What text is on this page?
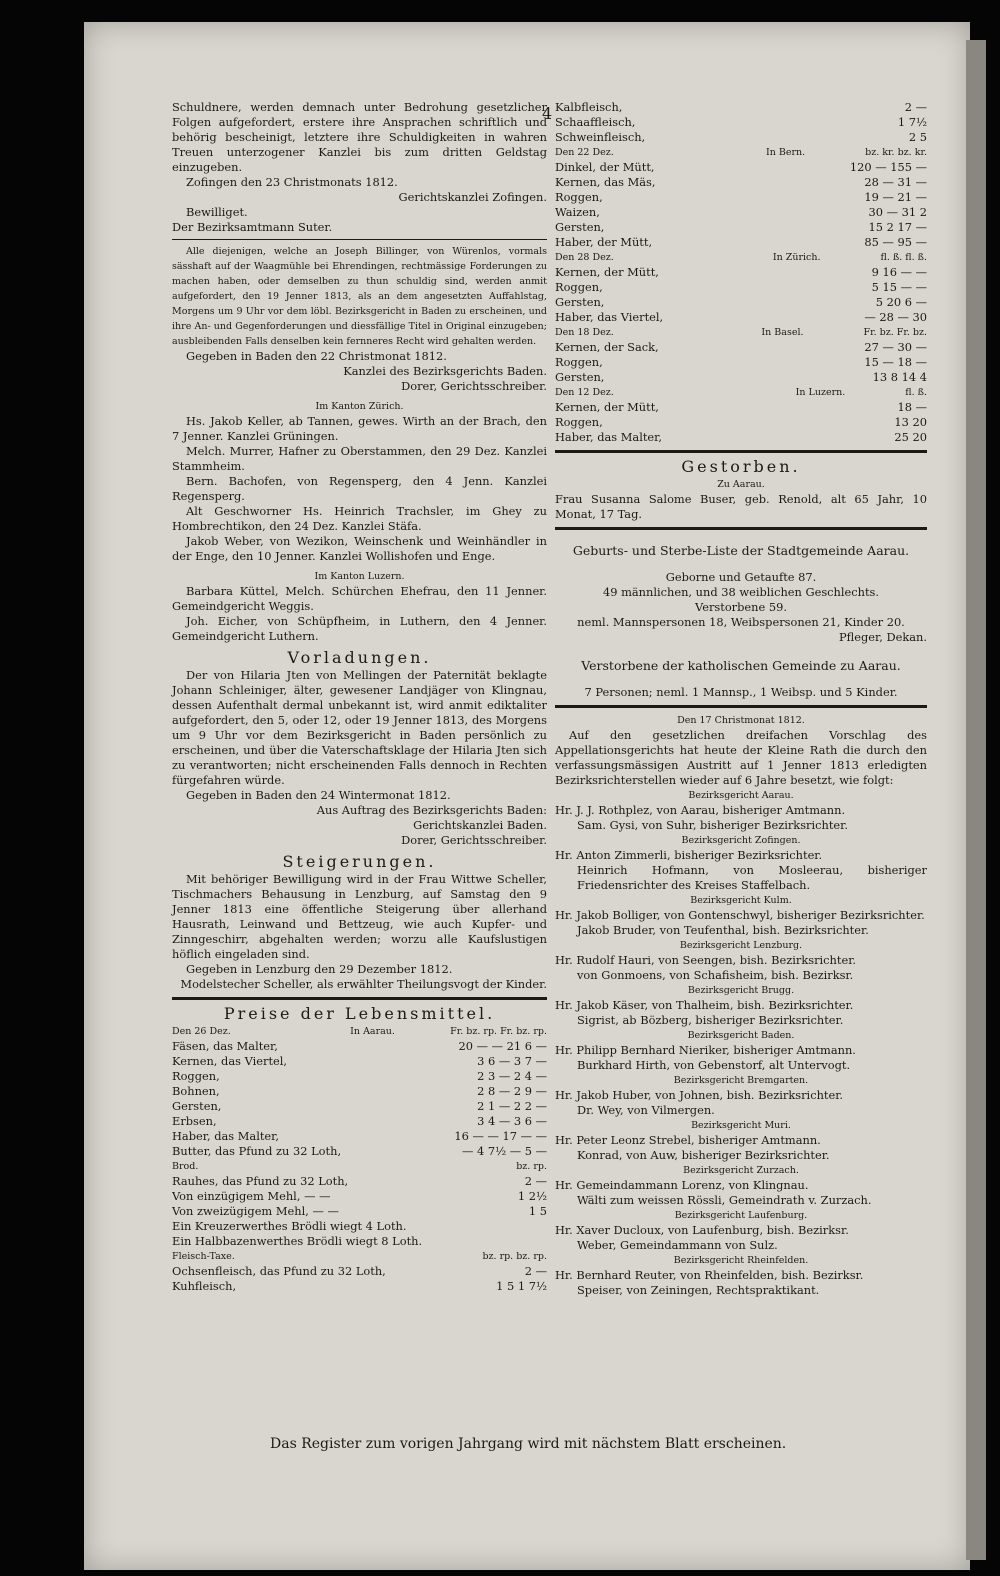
4

Schuldnere, werden demnach unter Bedrohung gesetzlicher Folgen aufgefordert, erstere ihre Ansprachen schriftlich und behörig bescheinigt, letztere ihre Schuldigkeiten in wahren Treuen unterzogener Kanzlei bis zum dritten Geldstag einzugeben.

Zofingen den 23 Christmonats 1812.

Gerichtskanzlei Zofingen.

Bewilliget.

Der Bezirksamtmann Suter.

Alle diejenigen, welche an Joseph Billinger, von Würenlos, vormals sässhaft auf der Waagmühle bei Ehrendingen, rechtmässige Forderungen zu machen haben, oder demselben zu thun schuldig sind, werden anmit aufgefordert, den 19 Jenner 1813, als an dem angesetzten Auffahlstag, Morgens um 9 Uhr vor dem löbl. Bezirksgericht in Baden zu erscheinen, und ihre An- und Gegenforderungen und diessfällige Titel in Original einzugeben; ausbleibenden Falls denselben kein fernneres Recht wird gehalten werden.

Gegeben in Baden den 22 Christmonat 1812.

Kanzlei des Bezirksgerichts Baden.

Dorer, Gerichtsschreiber.

Im Kanton Zürich.

Hs. Jakob Keller, ab Tannen, gewes. Wirth an der Brach, den 7 Jenner. Kanzlei Grüningen.

Melch. Murrer, Hafner zu Oberstammen, den 29 Dez. Kanzlei Stammheim.

Bern. Bachofen, von Regensperg, den 4 Jenn. Kanzlei Regensperg.

Alt Geschworner Hs. Heinrich Trachsler, im Ghey zu Hombrechtikon, den 24 Dez. Kanzlei Stäfa.

Jakob Weber, von Wezikon, Weinschenk und Weinhändler in der Enge, den 10 Jenner. Kanzlei Wollishofen und Enge.

Im Kanton Luzern.

Barbara Küttel, Melch. Schürchen Ehefrau, den 11 Jenner. Gemeindgericht Weggis.

Joh. Eicher, von Schüpfheim, in Luthern, den 4 Jenner. Gemeindgericht Luthern.

Vorladungen.

Der von Hilaria Jten von Mellingen der Paternität beklagte Johann Schleiniger, älter, gewesener Landjäger von Klingnau, dessen Aufenthalt dermal unbekannt ist, wird anmit ediktaliter aufgefordert, den 5, oder 12, oder 19 Jenner 1813, des Morgens um 9 Uhr vor dem Bezirksgericht in Baden persönlich zu erscheinen, und über die Vaterschaftsklage der Hilaria Jten sich zu verantworten; nicht erscheinenden Falls dennoch in Rechten fürgefahren würde.

Gegeben in Baden den 24 Wintermonat 1812.

Aus Auftrag des Bezirksgerichts Baden:

Gerichtskanzlei Baden.

Dorer, Gerichtsschreiber.

Steigerungen.

Mit behöriger Bewilligung wird in der Frau Wittwe Scheller, Tischmachers Behausung in Lenzburg, auf Samstag den 9 Jenner 1813 eine öffentliche Steigerung über allerhand Hausrath, Leinwand und Bettzeug, wie auch Kupfer- und Zinngeschirr, abgehalten werden; worzu alle Kaufslustigen höflich eingeladen sind.

Gegeben in Lenzburg den 29 Dezember 1812.

Modelstecher Scheller, als erwählter Theilungsvogt der Kinder.

Preise der Lebensmittel.

Den 26 Dez.	In Aarau.	Fr. bz. rp. Fr. bz. rp.
Fäsen, das Malter,	20 — — 21 6 —
Kernen, das Viertel,	3 6 — 3 7 —
Roggen,	2 3 — 2 4 —
Bohnen,	2 8 — 2 9 —
Gersten,	2 1 — 2 2 —
Erbsen,	3 4 — 3 6 —
Haber, das Malter,	16 — — 17 — —
Butter, das Pfund zu 32 Loth,	— 4 7½ — 5 —
Brod.	bz. rp.
Rauhes, das Pfund zu 32 Loth,	2 —
Von einzügigem Mehl, — —	1 2½
Von zweizügigem Mehl, — —	1 5
Ein Kreuzerwerthes Brödli wiegt 4 Loth.
Ein Halbbazenwerthes Brödli wiegt 8 Loth.
Fleisch-Taxe.	bz. rp. bz. rp.
Ochsenfleisch, das Pfund zu 32 Loth,	2 —
Kuhfleisch,	1 5 1 7½
Kalbfleisch,	2 —
Schaaffleisch,	1 7½
Schweinfleisch,	2 5
Den 22 Dez.	In Bern.	bz. kr. bz. kr.
Dinkel, der Mütt,	120 — 155 —
Kernen, das Mäs,	28 — 31 —
Roggen,	19 — 21 —
Waizen,	30 — 31 2
Gersten,	15 2 17 —
Haber, der Mütt,	85 — 95 —
Den 28 Dez.	In Zürich.	fl. ß. fl. ß.
Kernen, der Mütt,	9 16 — —
Roggen,	5 15 — —
Gersten,	5 20 6 —
Haber, das Viertel,	— 28 — 30
Den 18 Dez.	In Basel.	Fr. bz. Fr. bz.
Kernen, der Sack,	27 — 30 —
Roggen,	15 — 18 —
Gersten,	13 8 14 4
Den 12 Dez.	In Luzern.	fl. ß.
Kernen, der Mütt,	18 —
Roggen,	13 20
Haber, das Malter,	25 20

Gestorben.

Zu Aarau.

Frau Susanna Salome Buser, geb. Renold, alt 65 Jahr, 10 Monat, 17 Tag.

Geburts- und Sterbe-Liste der Stadtgemeinde Aarau.

Geborne und Getaufte 87.

49 männlichen, und 38 weiblichen Geschlechts.

Verstorbene 59.

neml. Mannspersonen 18, Weibspersonen 21, Kinder 20.

Pfleger, Dekan.

Verstorbene der katholischen Gemeinde zu Aarau.

7 Personen; neml. 1 Mannsp., 1 Weibsp. und 5 Kinder.

Den 17 Christmonat 1812.

Auf den gesetzlichen dreifachen Vorschlag des Appellationsgerichts hat heute der Kleine Rath die durch den verfassungsmässigen Austritt auf 1 Jenner 1813 erledigten Bezirksrichterstellen wieder auf 6 Jahre besetzt, wie folgt:

Bezirksgericht Aarau.

Hr. J. J. Rothplez, von Aarau, bisheriger Amtmann.

Sam. Gysi, von Suhr, bisheriger Bezirksrichter.

Bezirksgericht Zofingen.

Hr. Anton Zimmerli, bisheriger Bezirksrichter.

Heinrich Hofmann, von Mosleerau, bisheriger Friedensrichter des Kreises Staffelbach.

Bezirksgericht Kulm.

Hr. Jakob Bolliger, von Gontenschwyl, bisheriger Bezirksrichter.

Jakob Bruder, von Teufenthal, bish. Bezirksrichter.

Bezirksgericht Lenzburg.

Hr. Rudolf Hauri, von Seengen, bish. Bezirksrichter.

von Gonmoens, von Schafisheim, bish. Bezirksr.

Bezirksgericht Brugg.

Hr. Jakob Käser, von Thalheim, bish. Bezirksrichter.

Sigrist, ab Bözberg, bisheriger Bezirksrichter.

Bezirksgericht Baden.

Hr. Philipp Bernhard Nieriker, bisheriger Amtmann.

Burkhard Hirth, von Gebenstorf, alt Untervogt.

Bezirksgericht Bremgarten.

Hr. Jakob Huber, von Johnen, bish. Bezirksrichter.

Dr. Wey, von Vilmergen.

Bezirksgericht Muri.

Hr. Peter Leonz Strebel, bisheriger Amtmann.

Konrad, von Auw, bisheriger Bezirksrichter.

Bezirksgericht Zurzach.

Hr. Gemeindammann Lorenz, von Klingnau.

Wälti zum weissen Rössli, Gemeindrath v. Zurzach.

Bezirksgericht Laufenburg.

Hr. Xaver Ducloux, von Laufenburg, bish. Bezirksr.

Weber, Gemeindammann von Sulz.

Bezirksgericht Rheinfelden.

Hr. Bernhard Reuter, von Rheinfelden, bish. Bezirksr.

Speiser, von Zeiningen, Rechtspraktikant.

Das Register zum vorigen Jahrgang wird mit nächstem Blatt erscheinen.
